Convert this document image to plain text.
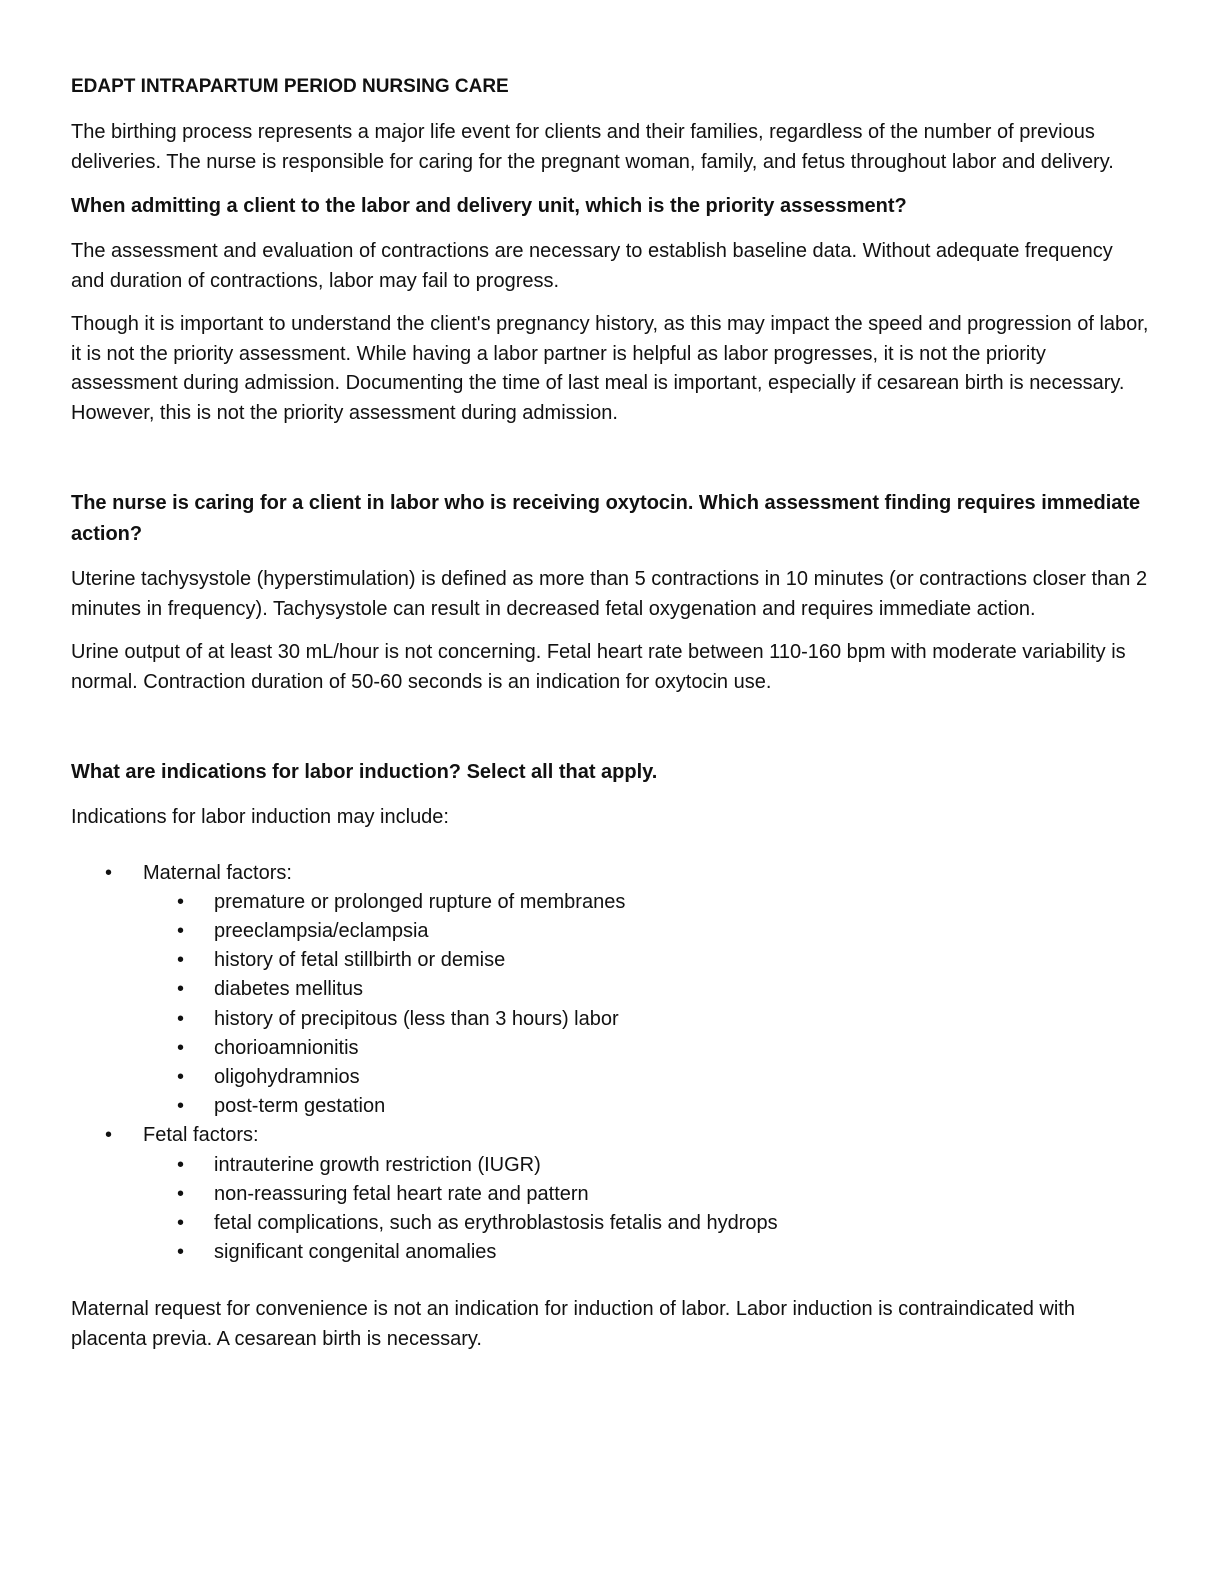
EDAPT INTRAPARTUM PERIOD NURSING CARE

The birthing process represents a major life event for clients and their families, regardless of the number of previous deliveries. The nurse is responsible for caring for the pregnant woman, family, and fetus throughout labor and delivery.

When admitting a client to the labor and delivery unit, which is the priority assessment?

The assessment and evaluation of contractions are necessary to establish baseline data. Without adequate frequency and duration of contractions, labor may fail to progress.

Though it is important to understand the client's pregnancy history, as this may impact the speed and progression of labor, it is not the priority assessment. While having a labor partner is helpful as labor progresses, it is not the priority assessment during admission. Documenting the time of last meal is important, especially if cesarean birth is necessary. However, this is not the priority assessment during admission.

The nurse is caring for a client in labor who is receiving oxytocin. Which assessment finding requires immediate action?

Uterine tachysystole (hyperstimulation) is defined as more than 5 contractions in 10 minutes (or contractions closer than 2 minutes in frequency). Tachysystole can result in decreased fetal oxygenation and requires immediate action.

Urine output of at least 30 mL/hour is not concerning. Fetal heart rate between 110-160 bpm with moderate variability is normal. Contraction duration of 50-60 seconds is an indication for oxytocin use.

What are indications for labor induction? Select all that apply.

Indications for labor induction may include:

• Maternal factors:
• premature or prolonged rupture of membranes
• preeclampsia/eclampsia
• history of fetal stillbirth or demise
• diabetes mellitus
• history of precipitous (less than 3 hours) labor
• chorioamnionitis
• oligohydramnios
• post-term gestation
• Fetal factors:
• intrauterine growth restriction (IUGR)
• non-reassuring fetal heart rate and pattern
• fetal complications, such as erythroblastosis fetalis and hydrops
• significant congenital anomalies

Maternal request for convenience is not an indication for induction of labor. Labor induction is contraindicated with placenta previa. A cesarean birth is necessary.
